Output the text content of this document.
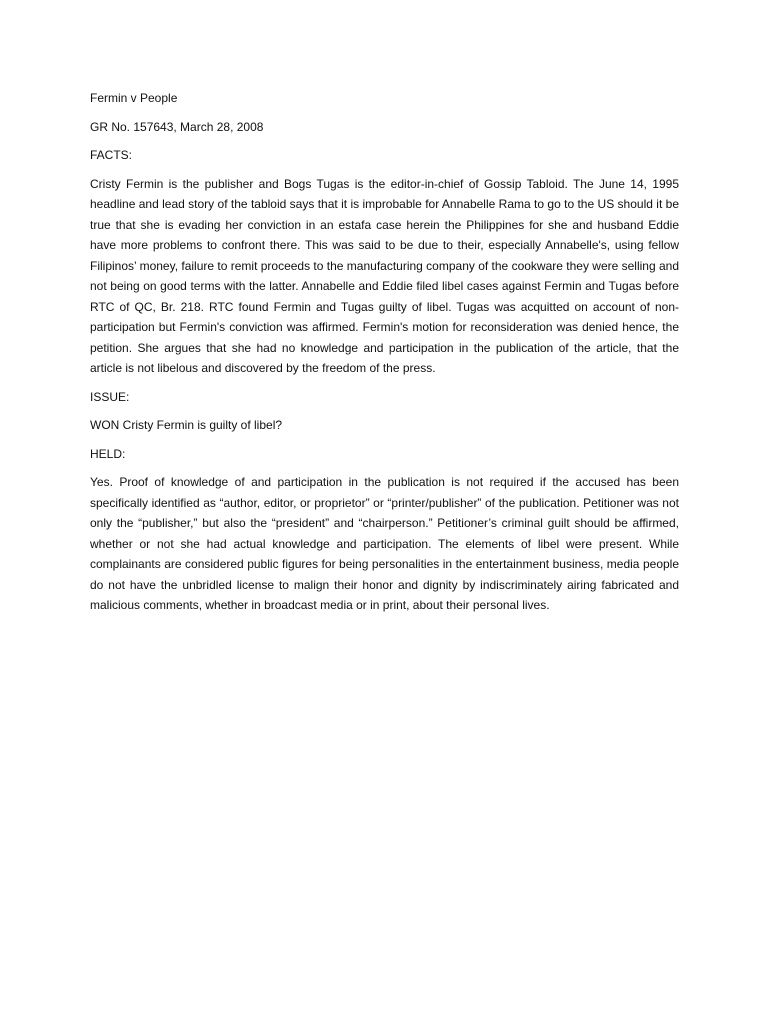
Fermin v People

GR No. 157643, March 28, 2008

FACTS:

Cristy Fermin is the publisher and Bogs Tugas is the editor-in-chief of Gossip Tabloid. The June 14, 1995 headline and lead story of the tabloid says that it is improbable for Annabelle Rama to go to the US should it be true that she is evading her conviction in an estafa case herein the Philippines for she and husband Eddie have more problems to confront there. This was said to be due to their, especially Annabelle's, using fellow Filipinos’ money, failure to remit proceeds to the manufacturing company of the cookware they were selling and not being on good terms with the latter. Annabelle and Eddie filed libel cases against Fermin and Tugas before RTC of QC, Br. 218. RTC found Fermin and Tugas guilty of libel. Tugas was acquitted on account of non-participation but Fermin's conviction was affirmed. Fermin's motion for reconsideration was denied hence, the petition. She argues that she had no knowledge and participation in the publication of the article, that the article is not libelous and discovered by the freedom of the press.

ISSUE:

WON Cristy Fermin is guilty of libel?

HELD:

Yes. Proof of knowledge of and participation in the publication is not required if the accused has been specifically identified as “author, editor, or proprietor” or “printer/publisher” of the publication. Petitioner was not only the “publisher,” but also the “president” and “chairperson.” Petitioner’s criminal guilt should be affirmed, whether or not she had actual knowledge and participation. The elements of libel were present. While complainants are considered public figures for being personalities in the entertainment business, media people do not have the unbridled license to malign their honor and dignity by indiscriminately airing fabricated and malicious comments, whether in broadcast media or in print, about their personal lives.
